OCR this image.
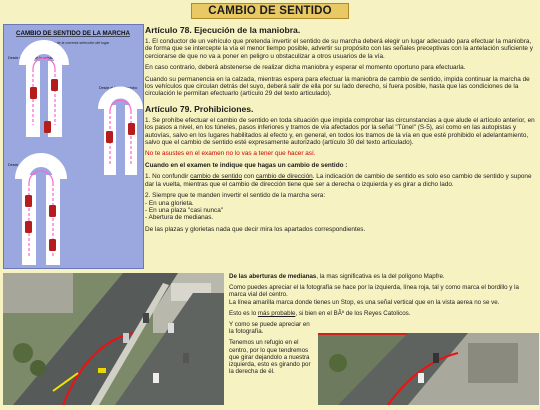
CAMBIO DE SENTIDO
CAMBIO DE SENTIDO DE LA MARCHA
Importancia de la correcta selección del lugar
Desde el centro de la calzada
Desde el borde derecho
Desde el borde de la calzada
Artículo 78. Ejecución de la maniobra.

1. El conductor de un vehículo que pretenda invertir el sentido de su marcha deberá elegir un lugar adecuado para efectuar la maniobra, de forma que se intercepte la vía el menor tiempo posible, advertir su propósito con las señales preceptivas con la antelación suficiente y cerciorarse de que no va a poner en peligro u obstaculizar a otros usuarios de la vía.

En caso contrario, deberá abstenerse de realizar dicha maniobra y esperar el momento oportuno para efectuarla.

Cuando su permanencia en la calzada, mientras espera para efectuar la maniobra de cambio de sentido, impida continuar la marcha de los vehículos que circulan detrás del suyo, deberá salir de ella por su lado derecho, si fuera posible, hasta que las condiciones de la circulación le permitan efectuarlo (artículo 29 del texto articulado).

Artículo 79. Prohibiciones.

1. Se prohíbe efectuar el cambio de sentido en toda situación que impida comprobar las circunstancias a que alude el artículo anterior, en los pasos a nivel, en los túneles, pasos inferiores y tramos de vía afectados por la señal "Túnel" (S-5), así como en las autopistas y autovías, salvo en los lugares habilitados al efecto y, en general, en todos los tramos de la vía en que esté prohibido el adelantamiento, salvo que el cambio de sentido esté expresamente autorizado (artículo 30 del texto articulado).

No te asustes en el examen no lo vas a tener que hacer así.

Cuando en el examen te indique que hagas un cambio de sentido :

1. No confundir cambio de sentido con cambio de dirección. La indicación de cambio de sentido es solo eso cambio de sentido y supone dar la vuelta, mientras que el cambio de dirección tiene que ser a derecha o izquierda y es girar a dicho lado.

2. Siempre que te manden invertir el sentido de la marcha sera:

- En una glorieta.
- En una plaza "casi nunca"
- Abertura de medianas.

De las plazas y glorietas nada que decir mira los apartados correspondientes.

De las aberturas de medianas, la mas significativa es la del polígono Mapfre.

Como puedes apreciar el la fotografía se hace por la izquierda, línea roja, tal y como marca el bordillo y la marca vial del centro.

La línea amarilla marca donde tienes un Stop, es una señal vertical que en la vista aerea no se ve.

Esto es lo más probable, si bien en el BÂº de los Reyes Catolicos.

Y como se puede apreciar en la fotografía.

Tenemos un refugio en el centro, por lo que tendremos que girar dejandolo a nuestra izquierda, esto es girando por la derecha de él.
